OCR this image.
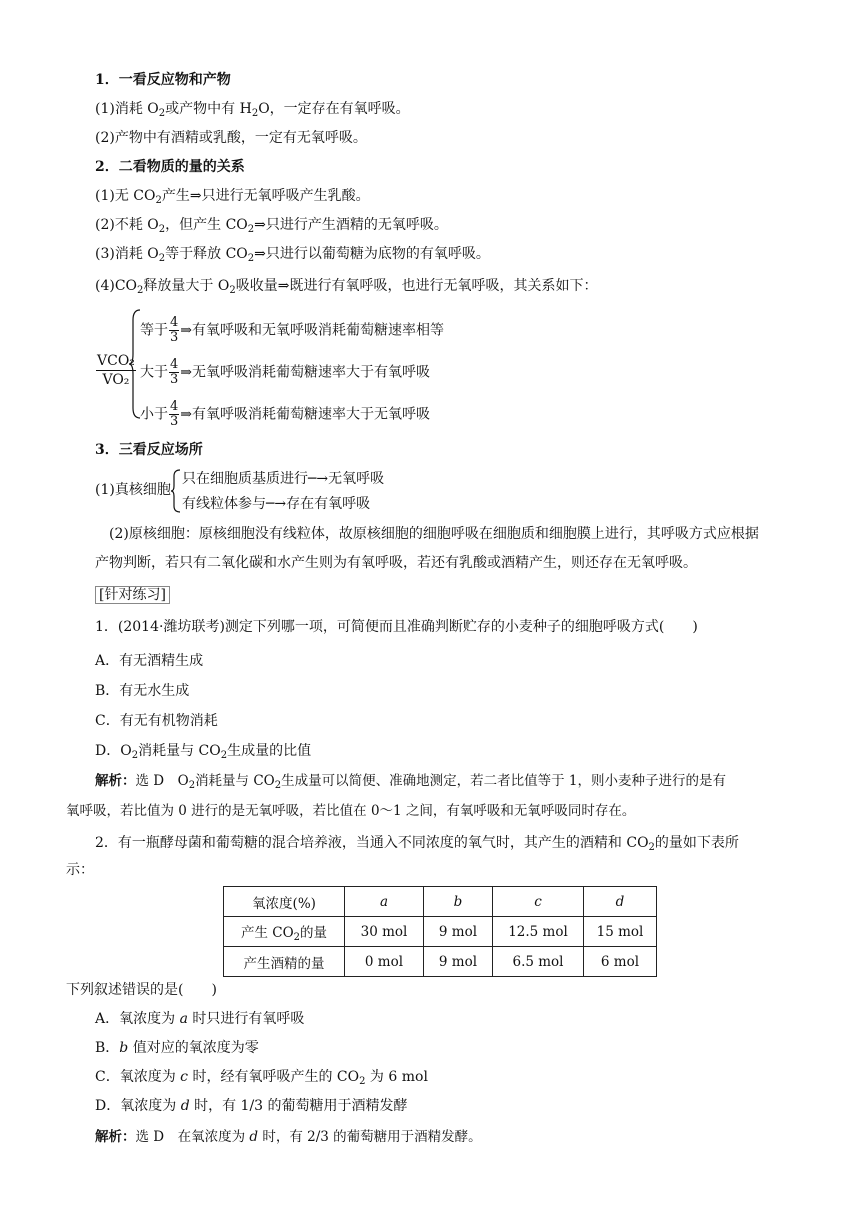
1．一看反应物和产物
(1)消耗 $O_2$或产物中有 $H_2O$，一定存在有氧呼吸。
(2)产物中有酒精或乳酸，一定有无氧呼吸。
2．二看物质的量的关系
(1)无 $CO_2$产生⇒只进行无氧呼吸产生乳酸。
(2)不耗 $O_2$，但产生 $CO_2\Rightarrow$只进行产生酒精的无氧呼吸。
(3)消耗 $O_2$等于释放 $CO_2\Rightarrow$只进行以葡萄糖为底物的有氧呼吸。
$(4)CO_2$释放量大于 $O_2$吸收量⇒既进行有氧呼吸，也进行无氧呼吸，其关系如下：
$\frac{\text{VCO₂}}{\text{VO₂}}$
等于 $\frac{4}{3}$ ⇒有氧呼吸和无氧呼吸消耗葡萄糖速率相等
大于 $\frac{4}{3}$ ⇒无氧呼吸消耗葡萄糖速率大于有氧呼吸
小于 $\frac{4}{3}$ ⇒有氧呼吸消耗葡萄糖速率大于无氧呼吸
3．三看反应场所
(1)真核细胞
只在细胞质基质进行─→无氧呼吸
有线粒体参与─→存在有氧呼吸
(2)原核细胞：原核细胞没有线粒体，故原核细胞的细胞呼吸在细胞质和细胞膜上进行，其呼吸方式应根据
产物判断，若只有二氧化碳和水产生则为有氧呼吸，若还有乳酸或酒精产生，则还存在无氧呼吸。
[针对练习]
1．(2014·潍坊联考)测定下列哪一项，可简便而且准确判断贮存的小麦种子的细胞呼吸方式(　　)
A．有无酒精生成
B．有无水生成
C．有无有机物消耗
D．$O_2$消耗量与 $CO_2$生成量的比值
解析：选 D　$O_2$消耗量与 $CO_2$生成量可以简便、准确地测定，若二者比值等于 1，则小麦种子进行的是有
氧呼吸，若比值为 0 进行的是无氧呼吸，若比值在 0～1 之间，有氧呼吸和无氧呼吸同时存在。
2．有一瓶酵母菌和葡萄糖的混合培养液，当通入不同浓度的氧气时，其产生的酒精和 $CO_2$的量如下表所
示：
氧浓度(%)	a	b	c	d
产生 $CO_2$的量	30 mol	9 mol	12.5 mol	15 mol
产生酒精的量	0 mol	9 mol	6.5 mol	6 mol
下列叙述错误的是(　　)
A．氧浓度为 a 时只进行有氧呼吸
B．b 值对应的氧浓度为零
C．氧浓度为 c 时，经有氧呼吸产生的 $CO_2$ 为 6 mol
D．氧浓度为 d 时，有 1/3 的葡萄糖用于酒精发酵
解析：选 D　在氧浓度为 d 时，有 2/3 的葡萄糖用于酒精发酵。
